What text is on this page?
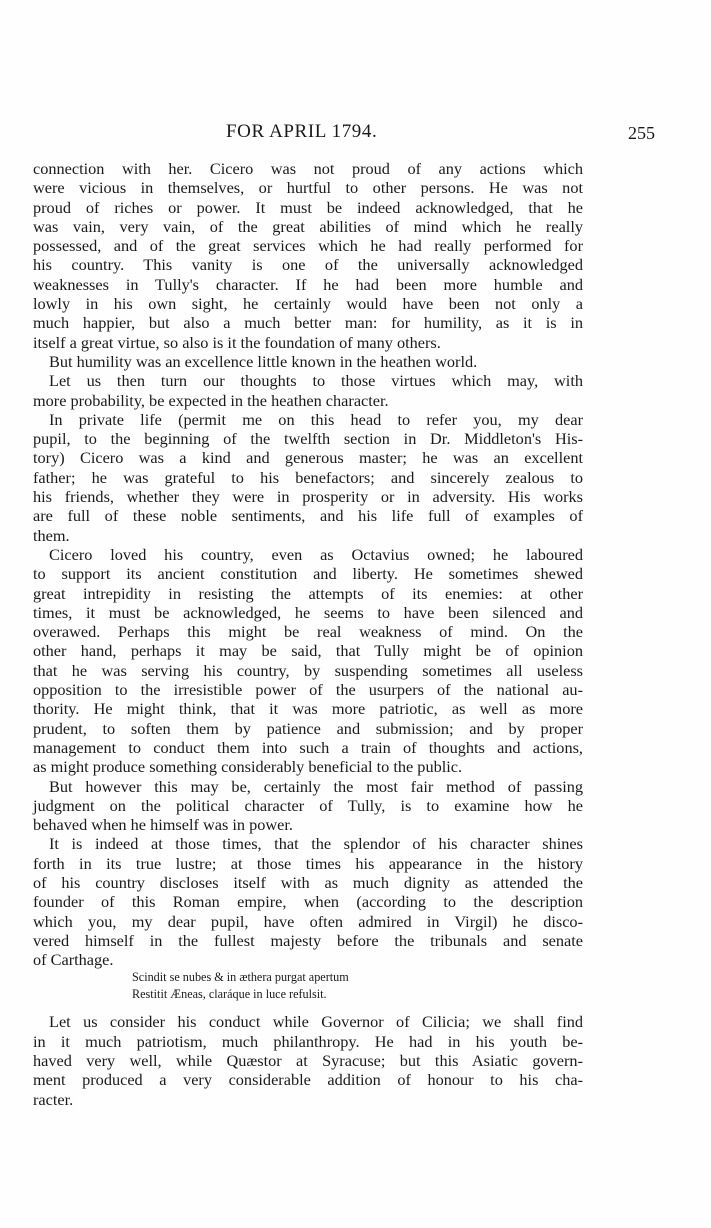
FOR APRIL 1794.	255
connection with her. Cicero was not proud of any actions which
were vicious in themselves, or hurtful to other persons. He was not
proud of riches or power. It must be indeed acknowledged, that he
was vain, very vain, of the great abilities of mind which he really
possessed, and of the great services which he had really performed for
his country. This vanity is one of the universally acknowledged
weaknesses in Tully's character. If he had been more humble and
lowly in his own sight, he certainly would have been not only a
much happier, but also a much better man: for humility, as it is in
itself a great virtue, so also is it the foundation of many others.
But humility was an excellence little known in the heathen world.
Let us then turn our thoughts to those virtues which may, with
more probability, be expected in the heathen character.
In private life (permit me on this head to refer you, my dear
pupil, to the beginning of the twelfth section in Dr. Middleton's His-
tory) Cicero was a kind and generous master; he was an excellent
father; he was grateful to his benefactors; and sincerely zealous to
his friends, whether they were in prosperity or in adversity. His works
are full of these noble sentiments, and his life full of examples of
them.
Cicero loved his country, even as Octavius owned; he laboured
to support its ancient constitution and liberty. He sometimes shewed
great intrepidity in resisting the attempts of its enemies: at other
times, it must be acknowledged, he seems to have been silenced and
overawed. Perhaps this might be real weakness of mind. On the
other hand, perhaps it may be said, that Tully might be of opinion
that he was serving his country, by suspending sometimes all useless
opposition to the irresistible power of the usurpers of the national au-
thority. He might think, that it was more patriotic, as well as more
prudent, to soften them by patience and submission; and by proper
management to conduct them into such a train of thoughts and actions,
as might produce something considerably beneficial to the public.
But however this may be, certainly the most fair method of passing
judgment on the political character of Tully, is to examine how he
behaved when he himself was in power.
It is indeed at those times, that the splendor of his character shines
forth in its true lustre; at those times his appearance in the history
of his country discloses itself with as much dignity as attended the
founder of this Roman empire, when (according to the description
which you, my dear pupil, have often admired in Virgil) he disco-
vered himself in the fullest majesty before the tribunals and senate
of Carthage.
Scindit se nubes & in æthera purgat apertum
Restitit Æneas, claráque in luce refulsit.
Let us consider his conduct while Governor of Cilicia; we shall find
in it much patriotism, much philanthropy. He had in his youth be-
haved very well, while Quæstor at Syracuse; but this Asiatic govern-
ment produced a very considerable addition of honour to his cha-
racter.
